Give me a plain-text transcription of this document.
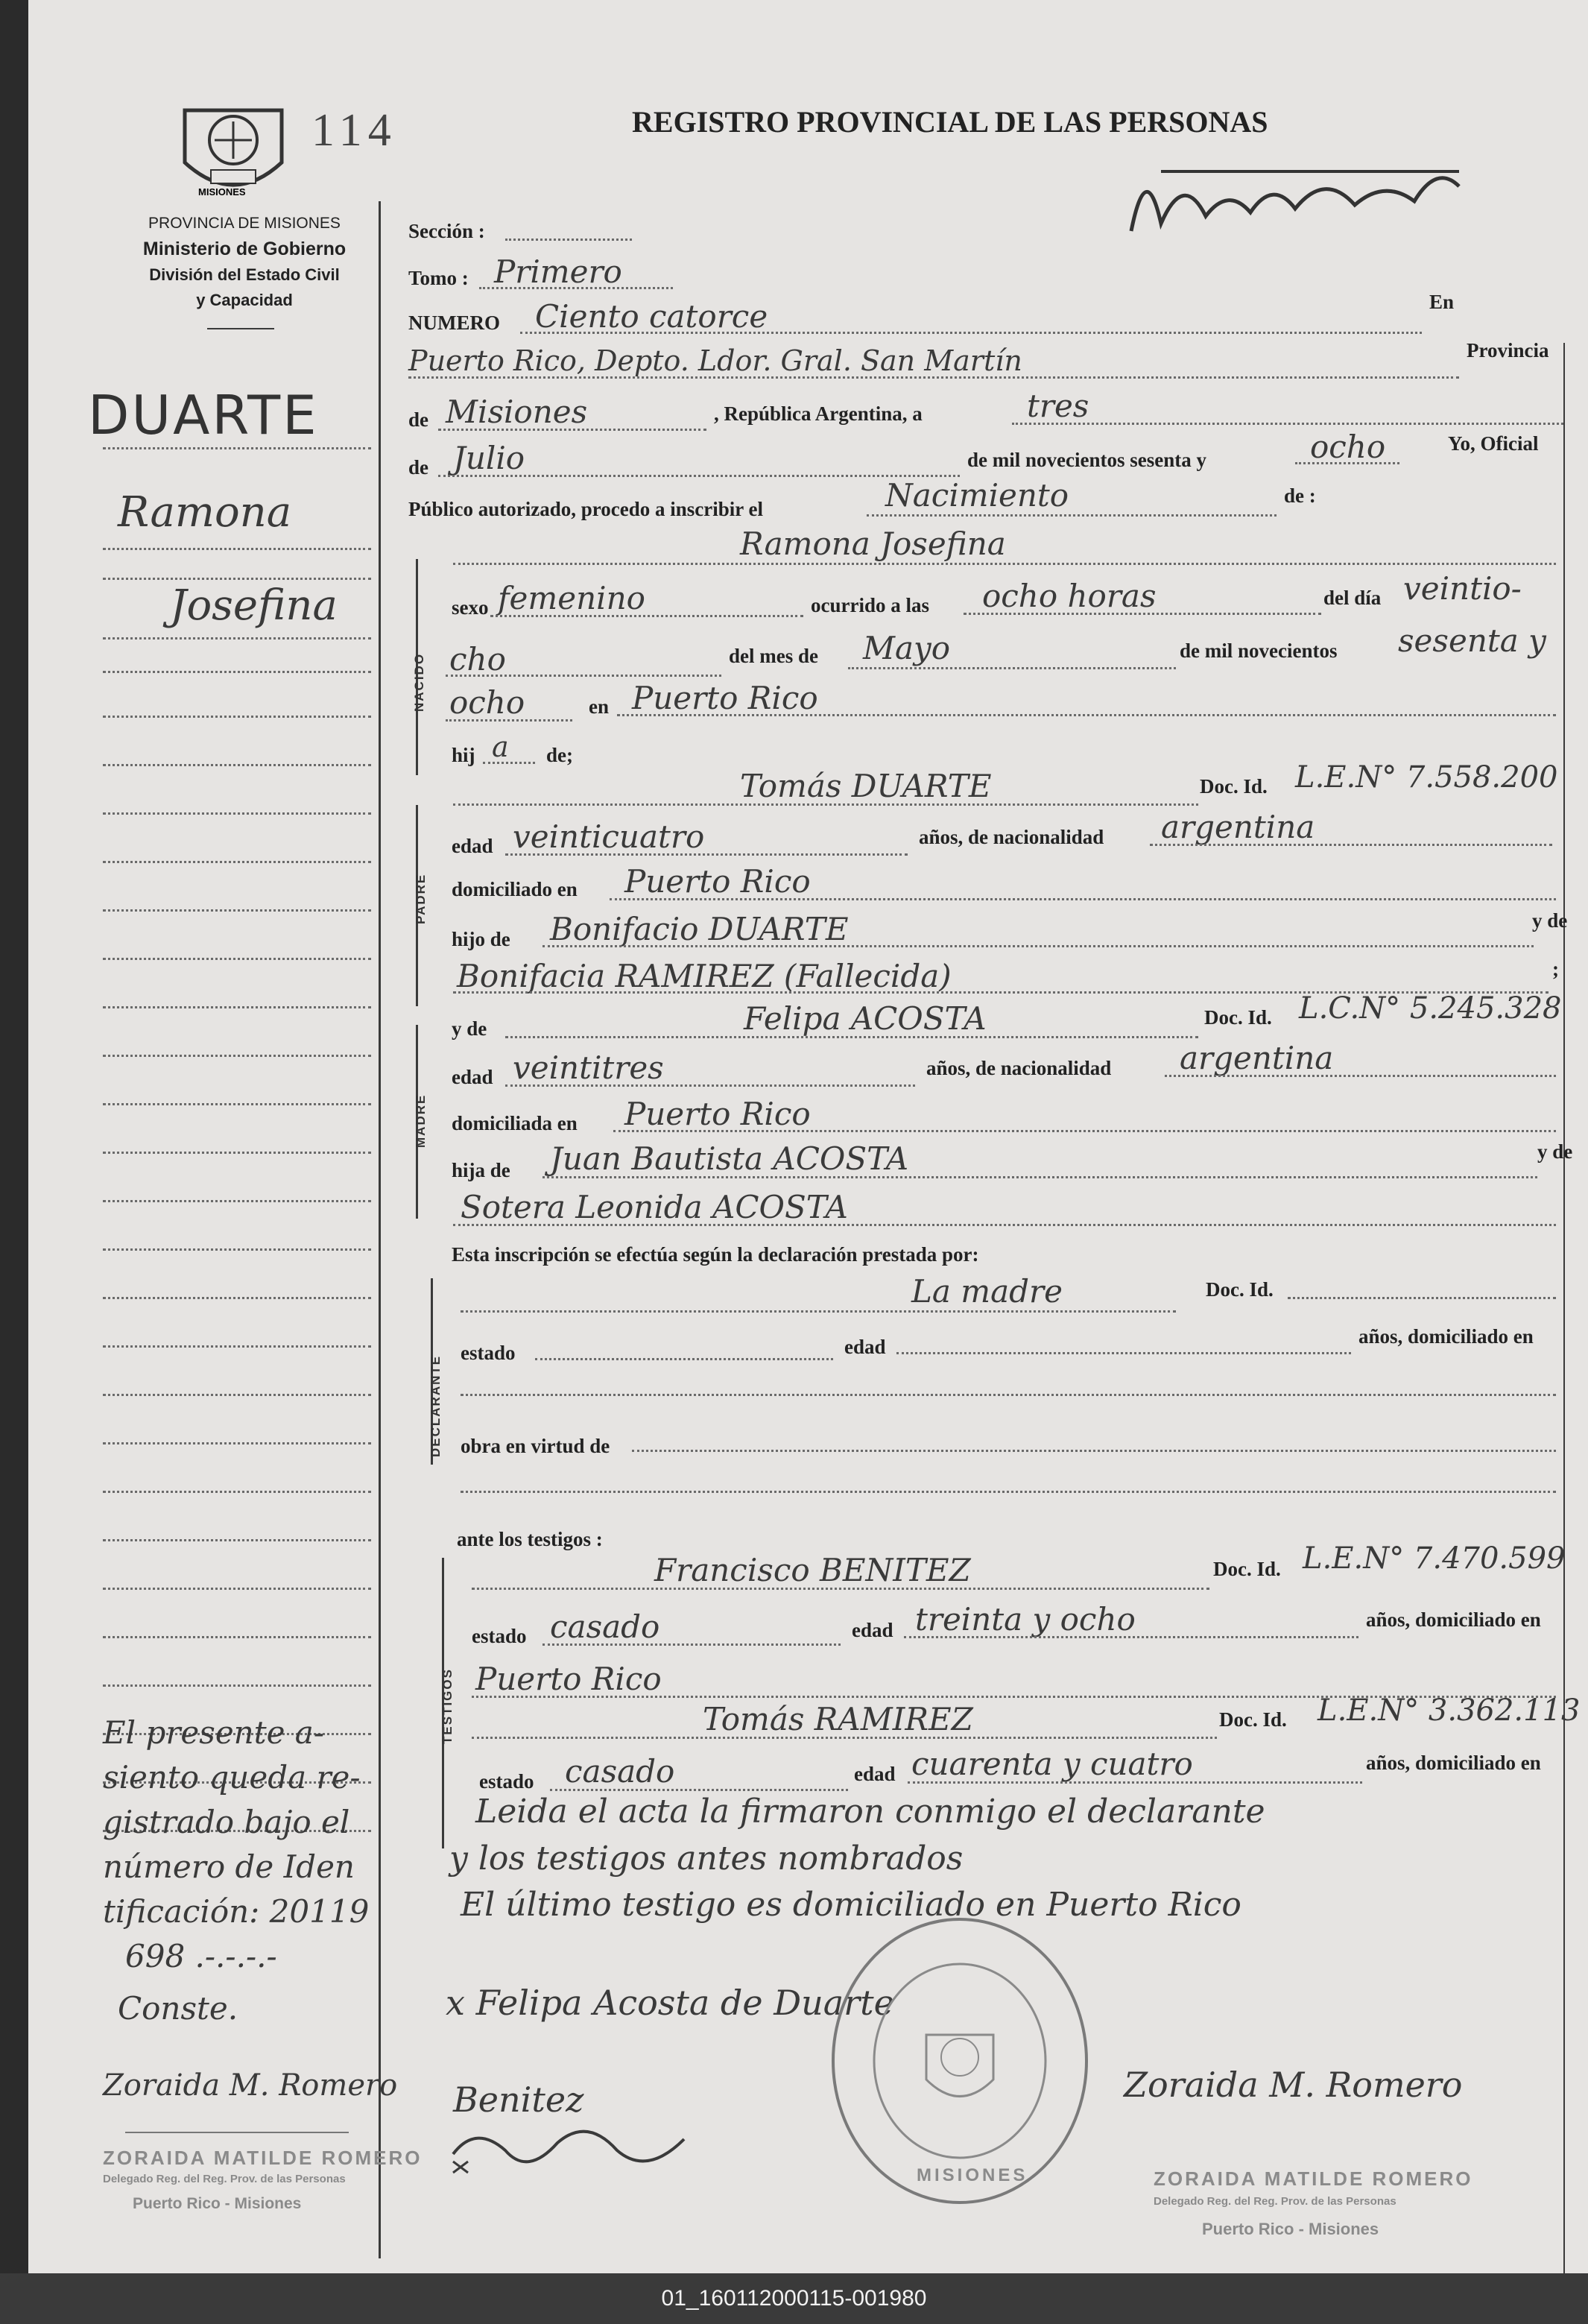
MISIONES
114	REGISTRO PROVINCIAL DE LAS PERSONAS
PROVINCIA DE MISIONES
Ministerio de Gobierno
División del Estado Civil
y Capacidad
DUARTE
Ramona
Josefina
El presente a-
siento queda re-
gistrado bajo el
número de Iden
tificación: 20119
698 .-.-.-.-
Conste.
Zoraida M. Romero
ZORAIDA MATILDE ROMERO
Delegado Reg. del Reg. Prov. de las Personas
Puerto Rico - Misiones
Sección :
Tomo : Primero
NUMERO Ciento catorce	En
Puerto Rico, Depto. Ldor. Gral. San Martín	Provincia
de Misiones	, República Argentina, a	tres
de Julio	de mil novecientos sesenta y	ocho	Yo, Oficial
Público autorizado, procedo a inscribir el	Nacimiento	de :
Ramona Josefina
NACIDO
sexo femenino	ocurrido a las ocho horas	del día veintio-
cho	del mes de Mayo	de mil novecientos sesenta y
ocho	en Puerto Rico
hij a de;
PADRE
Tomás DUARTE	Doc. Id. L.E.N° 7.558.200
edad veinticuatro	años, de nacionalidad argentina
domiciliado en Puerto Rico
hijo de Bonifacio DUARTE	y de
Bonifacia RAMIREZ (Fallecida)	;
MADRE
y de	Felipa ACOSTA	Doc. Id. L.C.N° 5.245.328
edad veintitres	años, de nacionalidad argentina
domiciliada en Puerto Rico
hija de Juan Bautista ACOSTA	y de
Sotera Leonida ACOSTA
Esta inscripción se efectúa según la declaración prestada por:
DECLARANTE
La madre	Doc. Id.
estado	edad	años, domiciliado en
obra en virtud de
ante los testigos :
TESTIGOS
Francisco BENITEZ	Doc. Id. L.E.N° 7.470.599
estado casado	edad treinta y ocho	años, domiciliado en
Puerto Rico
Tomás RAMIREZ	Doc. Id. L.E.N° 3.362.113
estado casado	edad cuarenta y cuatro	años, domiciliado en
Leida el acta la firmaron conmigo el declarante
y los testigos antes nombrados
El último testigo es domiciliado en Puerto Rico
x Felipa Acosta de Duarte
Benitez	Zoraida M. Romero
MISIONES	ZORAIDA MATILDE ROMERO
Delegado Reg. del Reg. Prov. de las Personas
Puerto Rico - Misiones
01_160112000115-001980
